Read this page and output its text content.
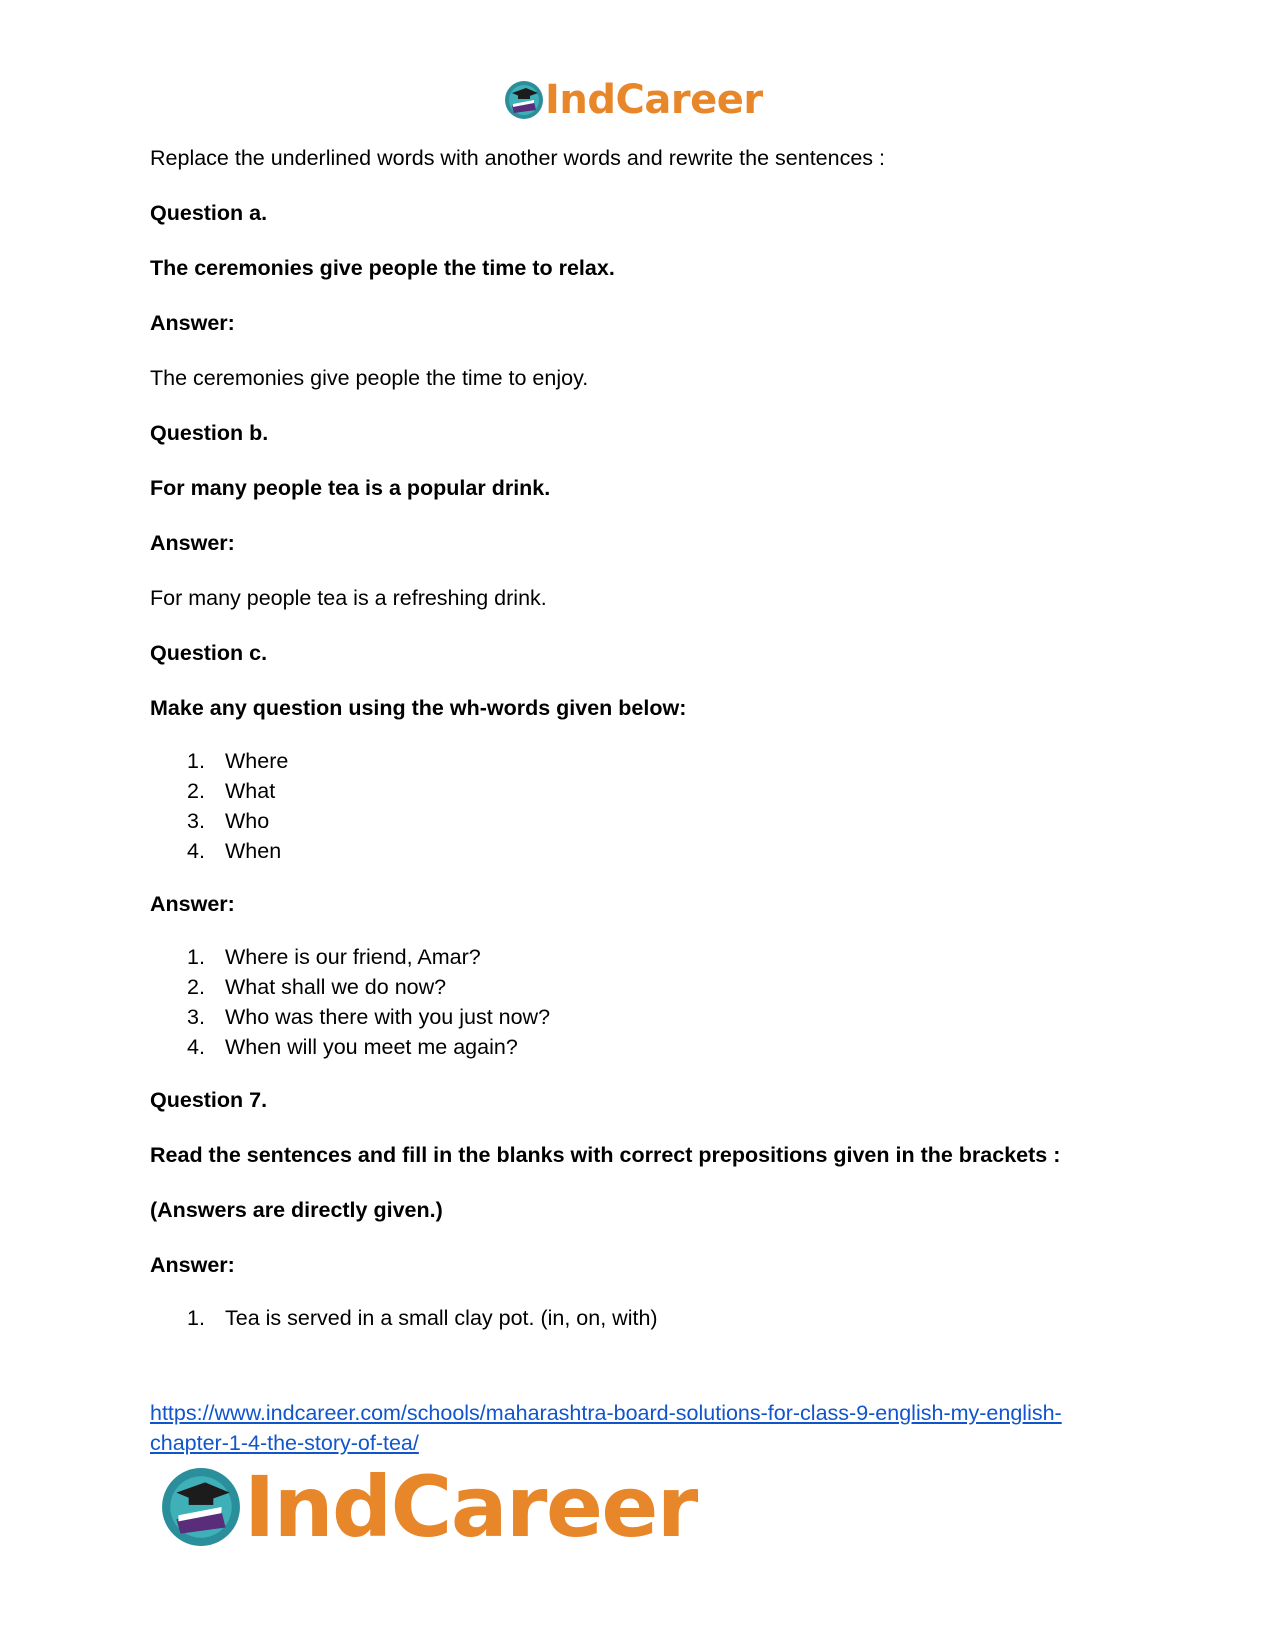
IndCareer

Replace the underlined words with another words and rewrite the sentences :

Question a.

The ceremonies give people the time to relax.

Answer:

The ceremonies give people the time to enjoy.

Question b.

For many people tea is a popular drink.

Answer:

For many people tea is a refreshing drink.

Question c.

Make any question using the wh-words given below:

1. Where
2. What
3. Who
4. When

Answer:

1. Where is our friend, Amar?
2. What shall we do now?
3. Who was there with you just now?
4. When will you meet me again?

Question 7.

Read the sentences and fill in the blanks with correct prepositions given in the brackets :

(Answers are directly given.)

Answer:

1. Tea is served in a small clay pot. (in, on, with)
https://www.indcareer.com/schools/maharashtra-board-solutions-for-class-9-english-my-english-
chapter-1-4-the-story-of-tea/
IndCareer
